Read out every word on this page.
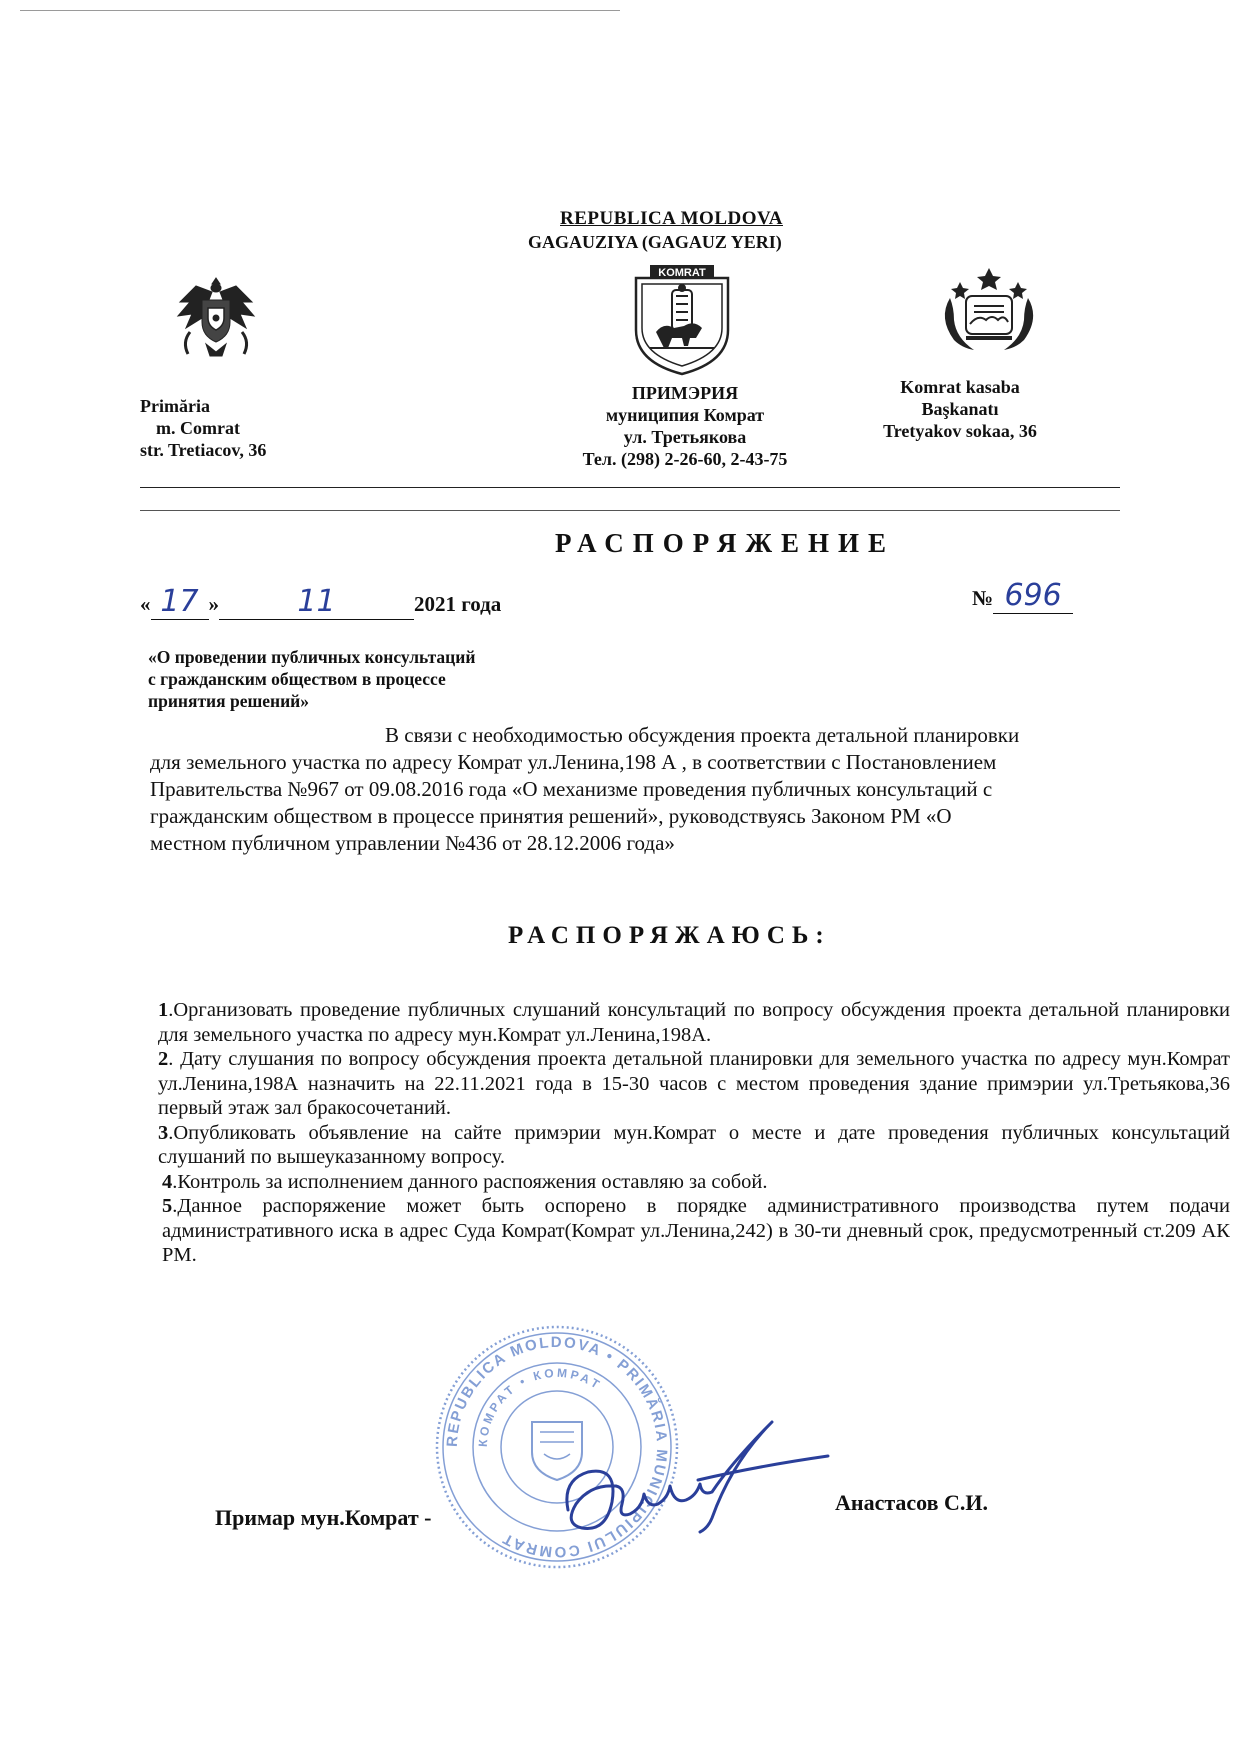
REPUBLICA MOLDOVA
GAGAUZIYA (GAGAUZ YERI)
KOMRAT
Primăria
m. Comrat
str. Tretiacov, 36
ПРИМЭРИЯ
муниципия Комрат
ул. Третьякова
Тел. (298) 2-26-60, 2-43-75
Komrat kasaba
Başkanatı
Tretyakov sokaa, 36
РАСПОРЯЖЕНИЕ
« 17 »	11	2021 года	№ 696
«О проведении публичных консультаций
с гражданским обществом в процессе
принятия решений»
В связи с необходимостью обсуждения проекта детальной планировки
для земельного участка по адресу Комрат ул.Ленина,198 А , в соответствии с Постановлением
Правительства №967 от 09.08.2016 года «О механизме проведения публичных консультаций с
гражданским обществом в процессе принятия решений», руководствуясь Законом РМ «О
местном публичном управлении №436 от 28.12.2006 года»
РАСПОРЯЖАЮСЬ:

1.Организовать проведение публичных слушаний консультаций по вопросу обсуждения проекта детальной планировки для земельного участка по адресу мун.Комрат ул.Ленина,198А.

2. Дату слушания по вопросу обсуждения проекта детальной планировки для земельного участка по адресу мун.Комрат ул.Ленина,198А назначить на 22.11.2021 года в 15-30 часов с местом проведения здание примэрии ул.Третьякова,36 первый этаж зал бракосочетаний.

3.Опубликовать объявление на сайте примэрии мун.Комрат о месте и дате проведения публичных консультаций слушаний по вышеуказанному вопросу.

4.Контроль за исполнением данного распояжения оставляю за собой.

5.Данное распоряжение может быть оспорено в порядке административного производства путем подачи административного иска в адрес Суда Комрат(Комрат ул.Ленина,242) в 30-ти дневный срок, предусмотренный ст.209 АК РМ.

REPUBLICA MOLDOVA • PRIMĂRIA MUNICIPIULUI COMRAT
КОМРАТ • КОМРАТ
Примар мун.Комрат -
Анастасов С.И.
